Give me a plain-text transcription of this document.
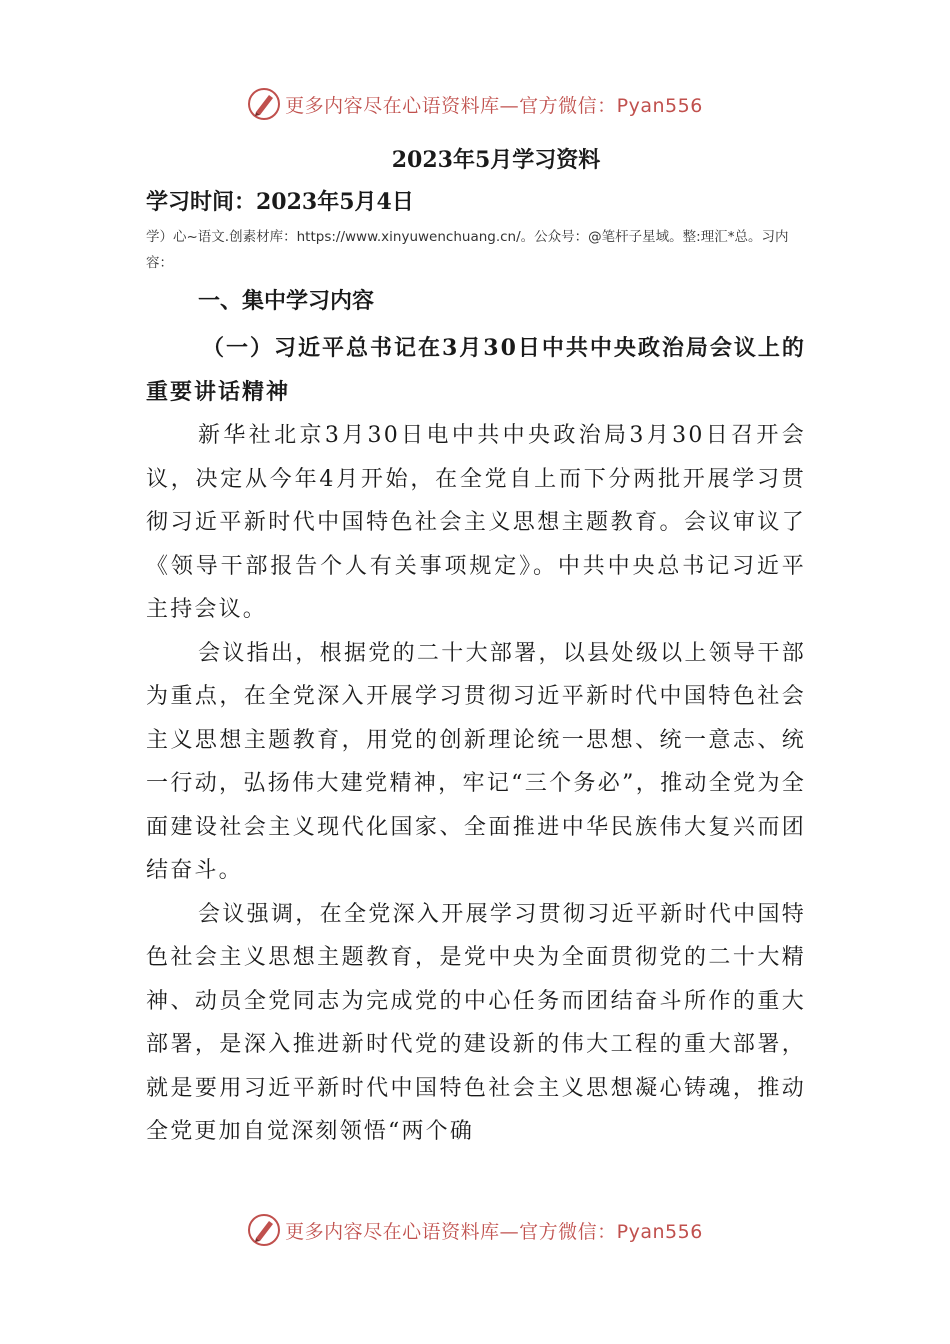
更多内容尽在心语资料库—官方微信：Pyan556

2023年5月学习资料

学习时间：2023年5月4日

学）心~语文.创素材库：https://www.xinyuwenchuang.cn/。公众号：@笔杆子星域。整:理汇*总。习内容：

一、集中学习内容

（一）习近平总书记在3月30日中共中央政治局会议上的重要讲话精神

新华社北京3月30日电中共中央政治局3月30日召开会议，决定从今年4月开始，在全党自上而下分两批开展学习贯彻习近平新时代中国特色社会主义思想主题教育。会议审议了《领导干部报告个人有关事项规定》。中共中央总书记习近平主持会议。

会议指出，根据党的二十大部署，以县处级以上领导干部为重点，在全党深入开展学习贯彻习近平新时代中国特色社会主义思想主题教育，用党的创新理论统一思想、统一意志、统一行动，弘扬伟大建党精神，牢记“三个务必”，推动全党为全面建设社会主义现代化国家、全面推进中华民族伟大复兴而团结奋斗。

会议强调，在全党深入开展学习贯彻习近平新时代中国特色社会主义思想主题教育，是党中央为全面贯彻党的二十大精神、动员全党同志为完成党的中心任务而团结奋斗所作的重大部署，是深入推进新时代党的建设新的伟大工程的重大部署，就是要用习近平新时代中国特色社会主义思想凝心铸魂，推动全党更加自觉深刻领悟“两个确

更多内容尽在心语资料库—官方微信：Pyan556
